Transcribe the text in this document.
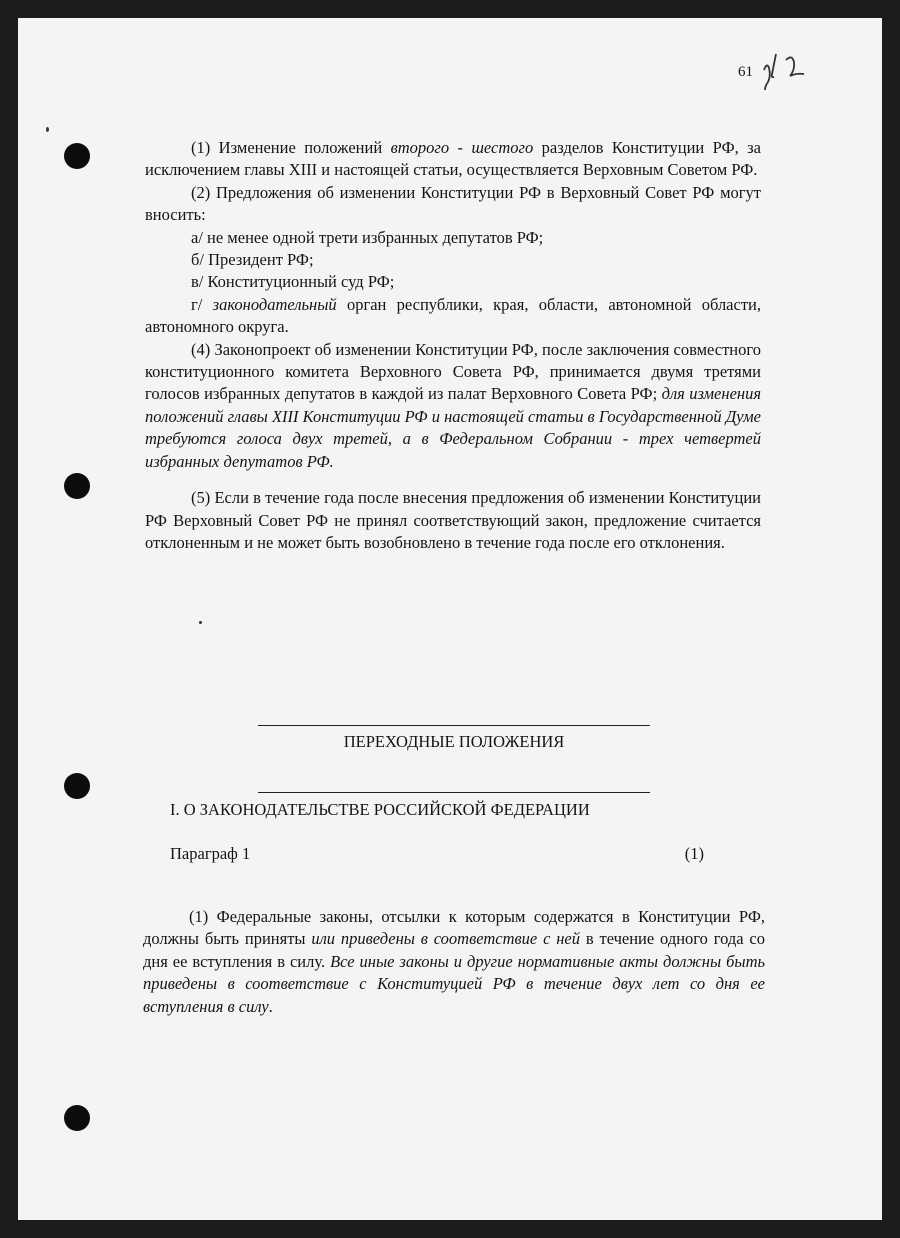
61

(1) Изменение положений второго - шестого разделов Конституции РФ, за исключением главы XIII и настоящей статьи, осуществляется Верховным Советом РФ.

(2) Предложения об изменении Конституции РФ в Верховный Совет РФ могут вносить:

а/ не менее одной трети избранных депутатов РФ;

б/ Президент РФ;

в/ Конституционный суд РФ;

г/ законодательный орган республики, края, области, автономной области, автономного округа.

(4) Законопроект об изменении Конституции РФ, после заключения совместного конституционного комитета Верховного Совета РФ, принимается двумя третями голосов избранных депутатов в каждой из палат Верховного Совета РФ; для изменения положений главы XIII Конституции РФ и настоящей статьи в Государственной Думе требуются голоса двух третей, а в Федеральном Собрании - трех четвертей избранных депутатов РФ.

(5) Если в течение года после внесения предложения об изменении Конституции РФ Верховный Совет РФ не принял соответствующий закон, предложение считается отклоненным и не может быть возобновлено в течение года после его отклонения.

ПЕРЕХОДНЫЕ ПОЛОЖЕНИЯ
I. О ЗАКОНОДАТЕЛЬСТВЕ РОССИЙСКОЙ ФЕДЕРАЦИИ
Параграф 1	(1)

(1) Федеральные законы, отсылки к которым содержатся в Конституции РФ, должны быть приняты или приведены в соответствие с ней в течение одного года со дня ее вступления в силу. Все иные законы и другие нормативные акты должны быть приведены в соответствие с Конституцией РФ в течение двух лет со дня ее вступления в силу.
